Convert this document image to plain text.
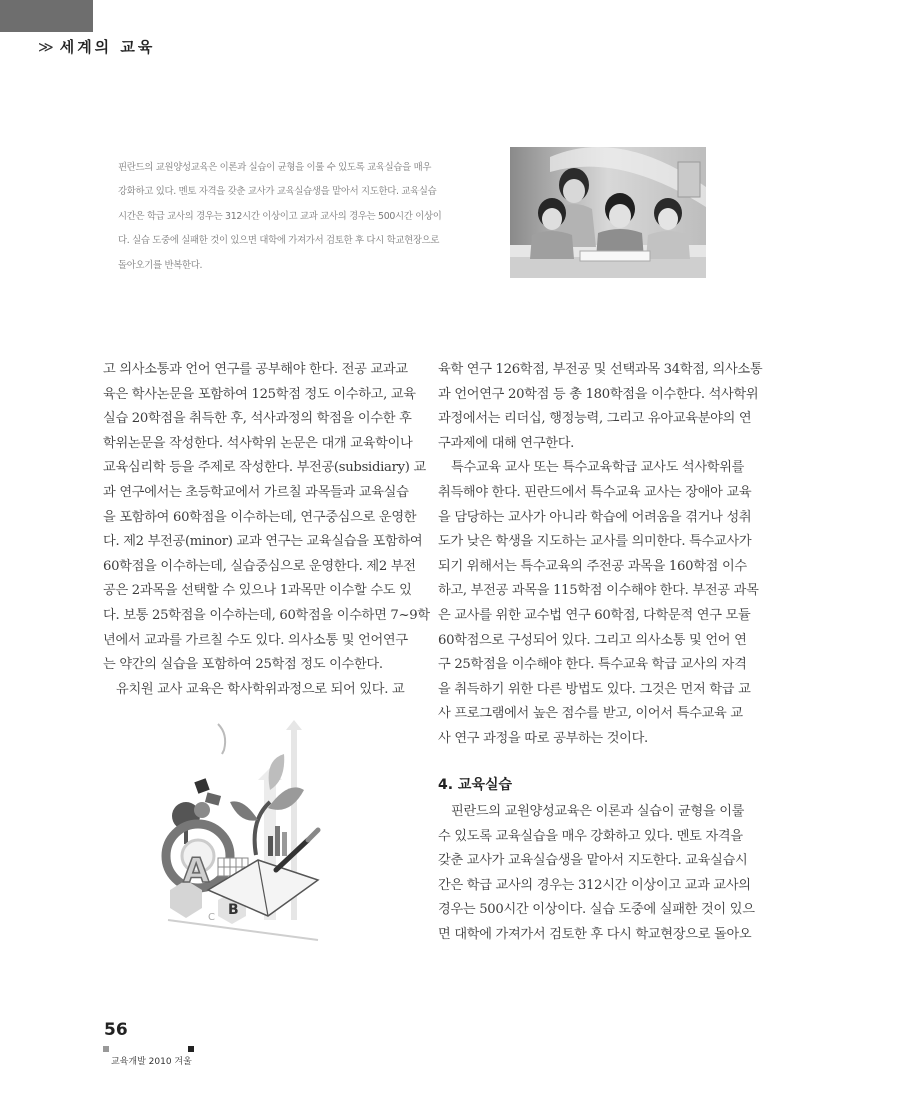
≫ 세계의 교육
핀란드의 교원양성교육은 이론과 실습이 균형을 이룰 수 있도록 교육실습을 매우
강화하고 있다. 멘토 자격을 갖춘 교사가 교육실습생을 맡아서 지도한다. 교육실습
시간은 학급 교사의 경우는 312시간 이상이고 교과 교사의 경우는 500시간 이상이
다. 실습 도중에 실패한 것이 있으면 대학에 가져가서 검토한 후 다시 학교현장으로
돌아오기를 반복한다.
고 의사소통과 언어 연구를 공부해야 한다. 전공 교과교
육은 학사논문을 포함하여 125학점 정도 이수하고, 교육
실습 20학점을 취득한 후, 석사과정의 학점을 이수한 후
학위논문을 작성한다. 석사학위 논문은 대개 교육학이나
교육심리학 등을 주제로 작성한다. 부전공(subsidiary) 교
과 연구에서는 초등학교에서 가르칠 과목들과 교육실습
을 포함하여 60학점을 이수하는데, 연구중심으로 운영한
다. 제2 부전공(minor) 교과 연구는 교육실습을 포함하여
60학점을 이수하는데, 실습중심으로 운영한다. 제2 부전
공은 2과목을 선택할 수 있으나 1과목만 이수할 수도 있
다. 보통 25학점을 이수하는데, 60학점을 이수하면 7~9학
년에서 교과를 가르칠 수도 있다. 의사소통 및 언어연구
는 약간의 실습을 포함하여 25학점 정도 이수한다.
유치원 교사 교육은 학사학위과정으로 되어 있다. 교
육학 연구 126학점, 부전공 및 선택과목 34학점, 의사소통
과 언어연구 20학점 등 총 180학점을 이수한다. 석사학위
과정에서는 리더십, 행정능력, 그리고 유아교육분야의 연
구과제에 대해 연구한다.
특수교육 교사 또는 특수교육학급 교사도 석사학위를
취득해야 한다. 핀란드에서 특수교육 교사는 장애아 교육
을 담당하는 교사가 아니라 학습에 어려움을 겪거나 성취
도가 낮은 학생을 지도하는 교사를 의미한다. 특수교사가
되기 위해서는 특수교육의 주전공 과목을 160학점 이수
하고, 부전공 과목을 115학점 이수해야 한다. 부전공 과목
은 교사를 위한 교수법 연구 60학점, 다학문적 연구 모듈
60학점으로 구성되어 있다. 그리고 의사소통 및 언어 연
구 25학점을 이수해야 한다. 특수교육 학급 교사의 자격
을 취득하기 위한 다른 방법도 있다. 그것은 먼저 학급 교
사 프로그램에서 높은 점수를 받고, 이어서 특수교육 교
사 연구 과정을 따로 공부하는 것이다.
4. 교육실습
핀란드의 교원양성교육은 이론과 실습이 균형을 이룰
수 있도록 교육실습을 매우 강화하고 있다. 멘토 자격을
갖춘 교사가 교육실습생을 맡아서 지도한다. 교육실습시
간은 학급 교사의 경우는 312시간 이상이고 교과 교사의
경우는 500시간 이상이다. 실습 도중에 실패한 것이 있으
면 대학에 가져가서 검토한 후 다시 학교현장으로 돌아오
A
B
C
56
교육개발 2010 겨울
